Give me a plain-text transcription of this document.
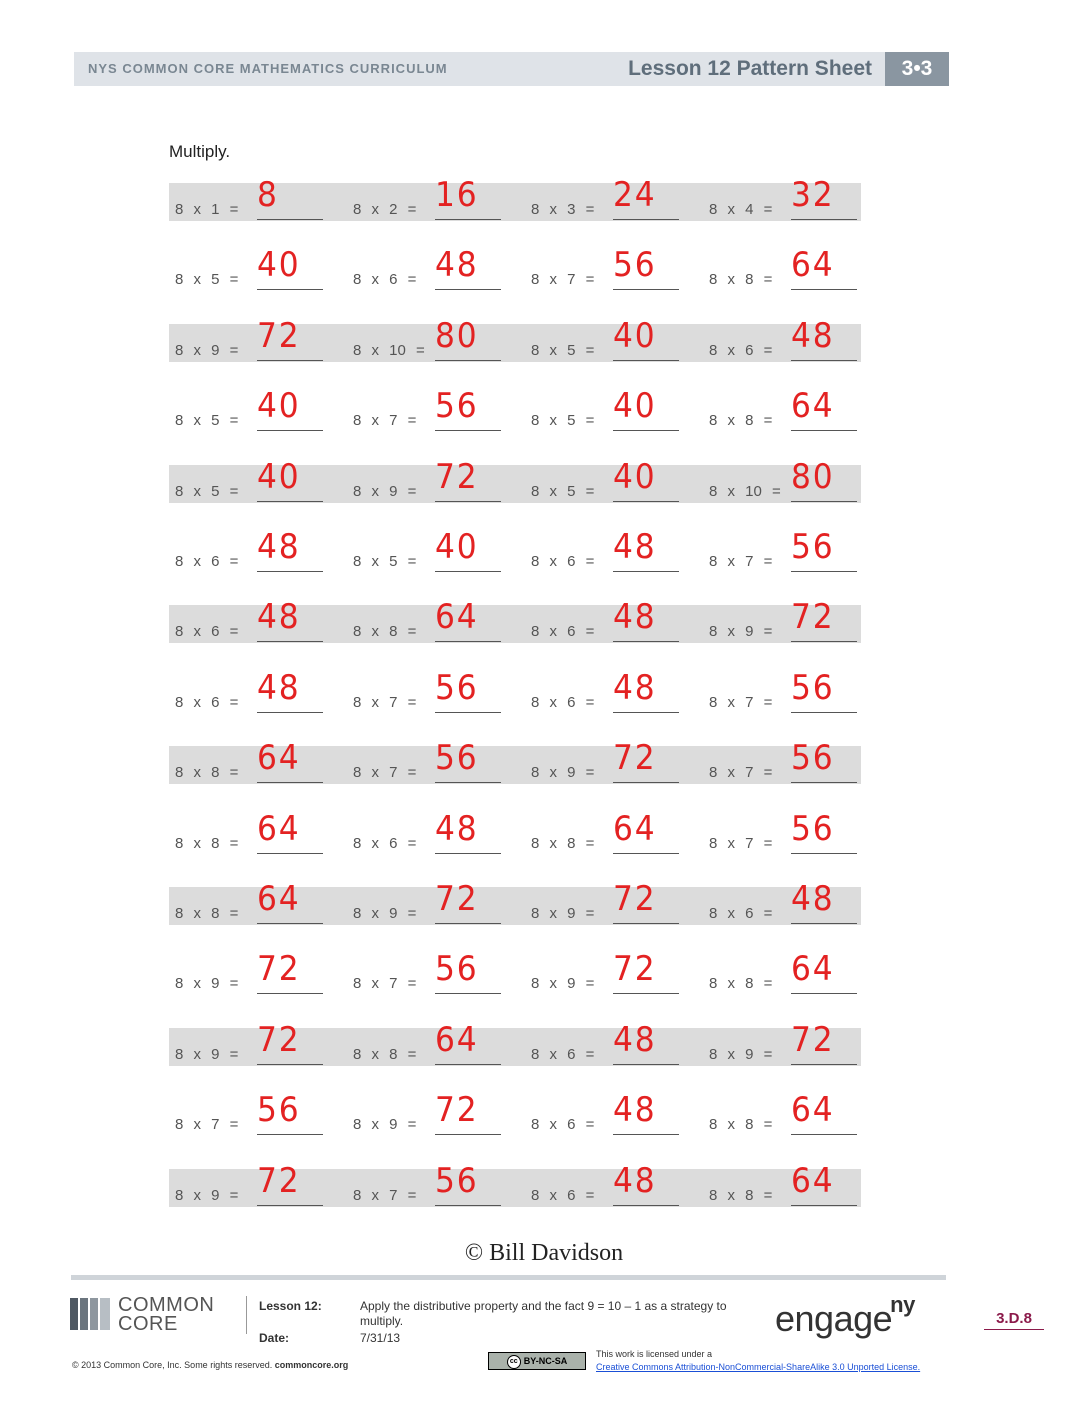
NYS COMMON CORE MATHEMATICS CURRICULUM	Lesson 12 Pattern Sheet	3•3
Multiply.
8 x 1 = 8	8 x 2 = 16	8 x 3 = 24	8 x 4 = 32
8 x 5 = 40	8 x 6 = 48	8 x 7 = 56	8 x 8 = 64
8 x 9 = 72	8 x 10 = 80	8 x 5 = 40	8 x 6 = 48
8 x 5 = 40	8 x 7 = 56	8 x 5 = 40	8 x 8 = 64
8 x 5 = 40	8 x 9 = 72	8 x 5 = 40	8 x 10 = 80
8 x 6 = 48	8 x 5 = 40	8 x 6 = 48	8 x 7 = 56
8 x 6 = 48	8 x 8 = 64	8 x 6 = 48	8 x 9 = 72
8 x 6 = 48	8 x 7 = 56	8 x 6 = 48	8 x 7 = 56
8 x 8 = 64	8 x 7 = 56	8 x 9 = 72	8 x 7 = 56
8 x 8 = 64	8 x 6 = 48	8 x 8 = 64	8 x 7 = 56
8 x 8 = 64	8 x 9 = 72	8 x 9 = 72	8 x 6 = 48
8 x 9 = 72	8 x 7 = 56	8 x 9 = 72	8 x 8 = 64
8 x 9 = 72	8 x 8 = 64	8 x 6 = 48	8 x 9 = 72
8 x 7 = 56	8 x 9 = 72	8 x 6 = 48	8 x 8 = 64
8 x 9 = 72	8 x 7 = 56	8 x 6 = 48	8 x 8 = 64
© Bill Davidson
COMMON
CORE
Lesson 12:	Apply the distributive property and the fact 9 = 10 – 1 as a strategy to multiply.
Date:	7/31/13	engage$^{ny}$
3.D.8
© 2013 Common Core, Inc. Some rights reserved. commoncore.org	cc BY-NC-SA
This work is licensed under a
Creative Commons Attribution-NonCommercial-ShareAlike 3.0 Unported License.
